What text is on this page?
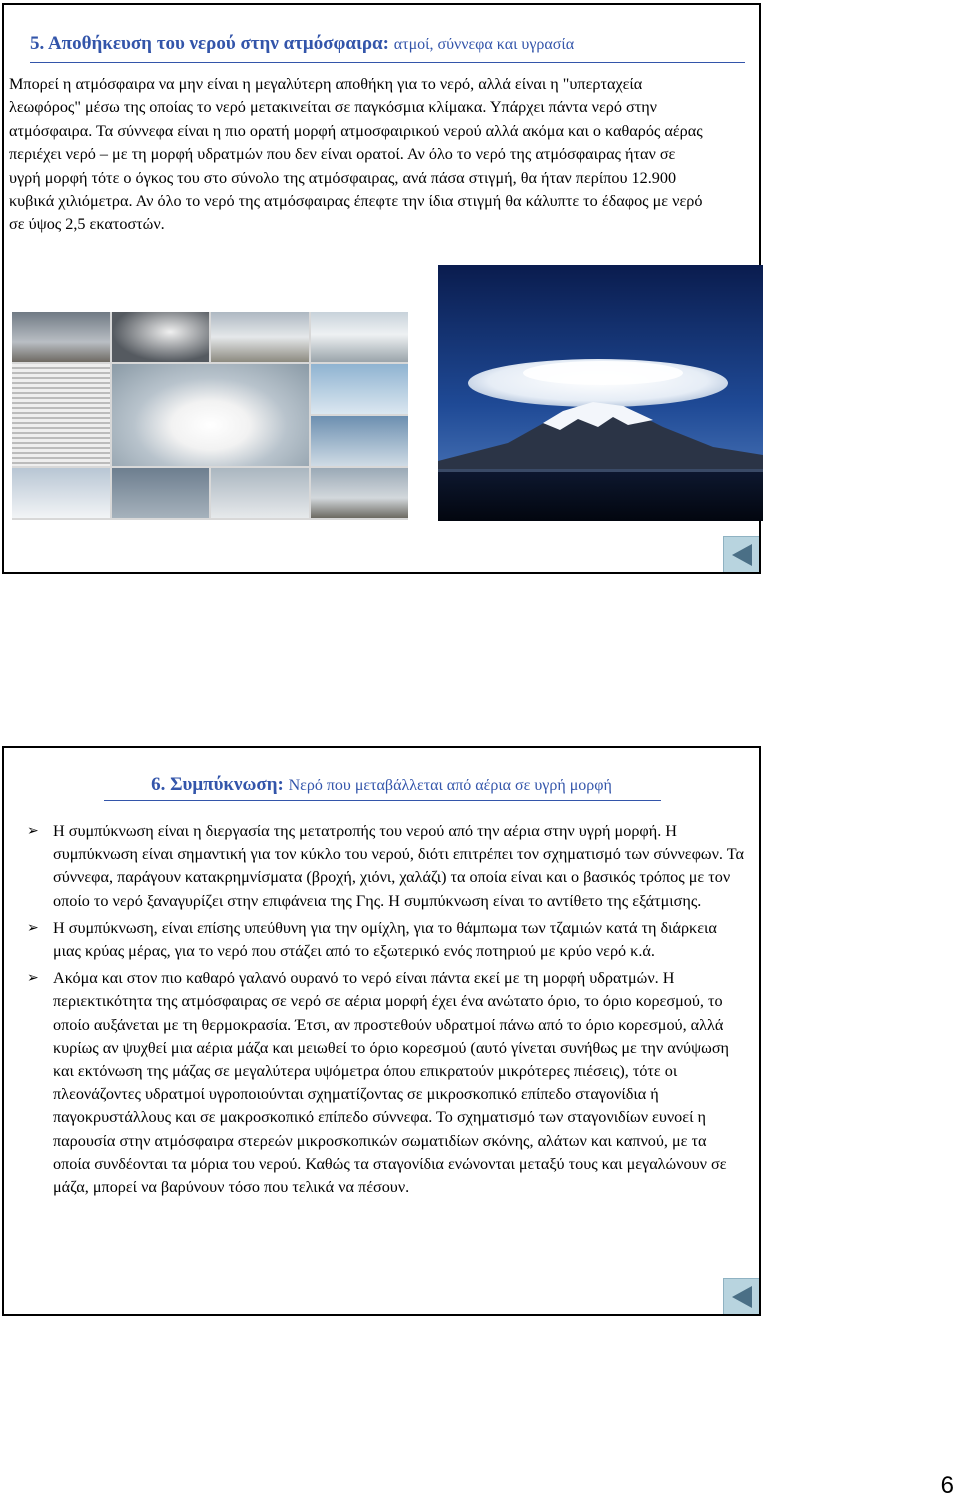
5. Αποθήκευση του νερού στην ατμόσφαιρα: ατμοί, σύννεφα και υγρασία

Μπορεί η ατμόσφαιρα να μην είναι η μεγαλύτερη αποθήκη για το νερό, αλλά είναι η "υπερταχεία λεωφόρος" μέσω της οποίας το νερό μετακινείται σε παγκόσμια κλίμακα. Υπάρχει πάντα νερό στην ατμόσφαιρα. Τα σύννεφα είναι η πιο ορατή μορφή ατμοσφαιρικού νερού αλλά ακόμα και ο καθαρός αέρας περιέχει νερό – με τη μορφή υδρατμών που δεν είναι ορατοί. Αν όλο το νερό της ατμόσφαιρας ήταν σε υγρή μορφή τότε ο όγκος του στο σύνολο της ατμόσφαιρας, ανά πάσα στιγμή, θα ήταν περίπου 12.900 κυβικά χιλιόμετρα. Αν όλο το νερό της ατμόσφαιρας έπεφτε την ίδια στιγμή θα κάλυπτε το έδαφος με νερό σε ύψος 2,5 εκατοστών.

6. Συμπύκνωση: Νερό που μεταβάλλεται από αέρια σε υγρή μορφή
➢ Η συμπύκνωση είναι η διεργασία της μετατροπής του νερού από την αέρια στην υγρή μορφή. Η συμπύκνωση είναι σημαντική για τον κύκλο του νερού, διότι επιτρέπει τον σχηματισμό των σύννεφων. Τα σύννεφα, παράγουν κατακρημνίσματα (βροχή, χιόνι, χαλάζι) τα οποία είναι και ο βασικός τρόπος με τον οποίο το νερό ξαναγυρίζει στην επιφάνεια της Γης. Η συμπύκνωση είναι το αντίθετο της εξάτμισης.
➢ Η συμπύκνωση, είναι επίσης υπεύθυνη για την ομίχλη, για το θάμπωμα των τζαμιών κατά τη διάρκεια μιας κρύας μέρας, για το νερό που στάζει από το εξωτερικό ενός ποτηριού με κρύο νερό κ.ά.
➢ Ακόμα και στον πιο καθαρό γαλανό ουρανό το νερό είναι πάντα εκεί με τη μορφή υδρατμών. Η περιεκτικότητα της ατμόσφαιρας σε νερό σε αέρια μορφή έχει ένα ανώτατο όριο, το όριο κορεσμού, το οποίο αυξάνεται με τη θερμοκρασία. Έτσι, αν προστεθούν υδρατμοί πάνω από το όριο κορεσμού, αλλά κυρίως αν ψυχθεί μια αέρια μάζα και μειωθεί το όριο κορεσμού (αυτό γίνεται συνήθως με την ανύψωση και εκτόνωση της μάζας σε μεγαλύτερα υψόμετρα όπου επικρατούν μικρότερες πιέσεις), τότε οι πλεονάζοντες υδρατμοί υγροποιούνται σχηματίζοντας σε μικροσκοπικό επίπεδο σταγονίδια ή παγοκρυστάλλους και σε μακροσκοπικό επίπεδο σύννεφα. Το σχηματισμό των σταγονιδίων ευνοεί η παρουσία στην ατμόσφαιρα στερεών μικροσκοπικών σωματιδίων σκόνης, αλάτων και καπνού, με τα οποία συνδέονται τα μόρια του νερού. Καθώς τα σταγονίδια ενώνονται μεταξύ τους και μεγαλώνουν σε μάζα, μπορεί να βαρύνουν τόσο που τελικά να πέσουν.
6
